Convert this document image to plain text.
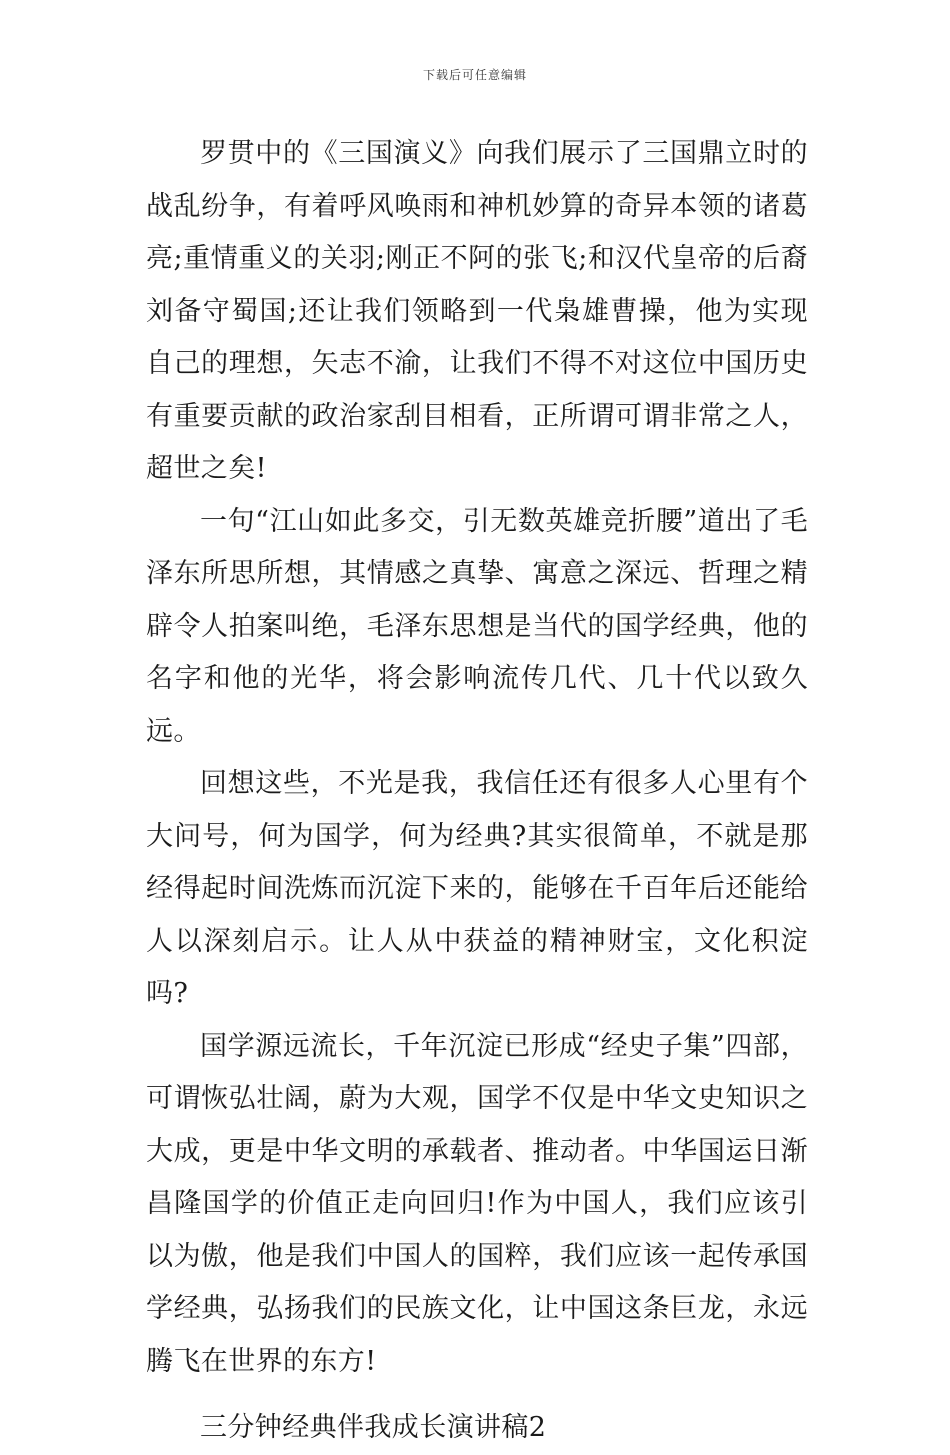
下载后可任意编辑

罗贯中的《三国演义》向我们展示了三国鼎立时的战乱纷争，有着呼风唤雨和神机妙算的奇异本领的诸葛亮;重情重义的关羽;刚正不阿的张飞;和汉代皇帝的后裔刘备守蜀国;还让我们领略到一代枭雄曹操，他为实现自己的理想，矢志不渝，让我们不得不对这位中国历史有重要贡献的政治家刮目相看，正所谓可谓非常之人，超世之矣!

一句“江山如此多交，引无数英雄竞折腰”道出了毛泽东所思所想，其情感之真挚、寓意之深远、哲理之精辟令人拍案叫绝，毛泽东思想是当代的国学经典，他的名字和他的光华，将会影响流传几代、几十代以致久远。

回想这些，不光是我，我信任还有很多人心里有个大问号，何为国学，何为经典?其实很简单，不就是那经得起时间洗炼而沉淀下来的，能够在千百年后还能给人以深刻启示。让人从中获益的精神财宝，文化积淀吗?

国学源远流长，千年沉淀已形成“经史子集”四部，可谓恢弘壮阔，蔚为大观，国学不仅是中华文史知识之大成，更是中华文明的承载者、推动者。中华国运日渐昌隆国学的价值正走向回归!作为中国人，我们应该引以为傲，他是我们中国人的国粹，我们应该一起传承国学经典，弘扬我们的民族文化，让中国这条巨龙，永远腾飞在世界的东方!

三分钟经典伴我成长演讲稿2
